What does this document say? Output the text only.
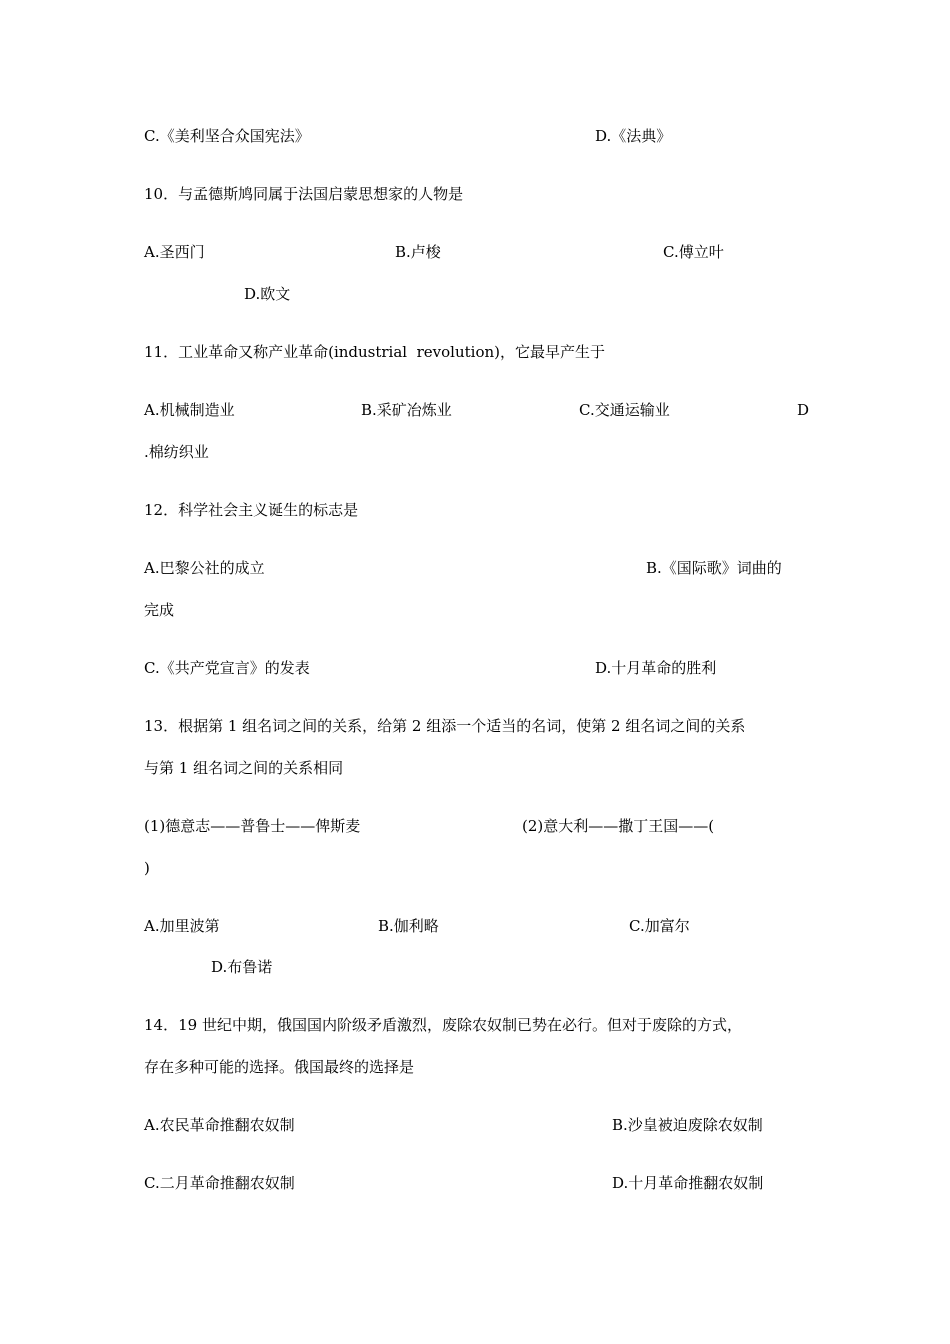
C.《美利坚合众国宪法》	D.《法典》
10．与孟德斯鸠同属于法国启蒙思想家的人物是
A.圣西门	B.卢梭	C.傅立叶
D.欧文
11．工业革命又称产业革命(industrial  revolution)，它最早产生于
A.机械制造业	B.采矿冶炼业	C.交通运输业	D
.棉纺织业
12．科学社会主义诞生的标志是
A.巴黎公社的成立	B.《国际歌》词曲的
完成
C.《共产党宣言》的发表	D.十月革命的胜利
13．根据第 1 组名词之间的关系，给第 2 组添一个适当的名词，使第 2 组名词之间的关系
与第 1 组名词之间的关系相同
(1)德意志——普鲁士——俾斯麦	(2)意大利——撒丁王国——(
)
A.加里波第	B.伽利略	C.加富尔
D.布鲁诺
14．19 世纪中期，俄国国内阶级矛盾激烈，废除农奴制已势在必行。但对于废除的方式，
存在多种可能的选择。俄国最终的选择是
A.农民革命推翻农奴制	B.沙皇被迫废除农奴制
C.二月革命推翻农奴制	D.十月革命推翻农奴制
